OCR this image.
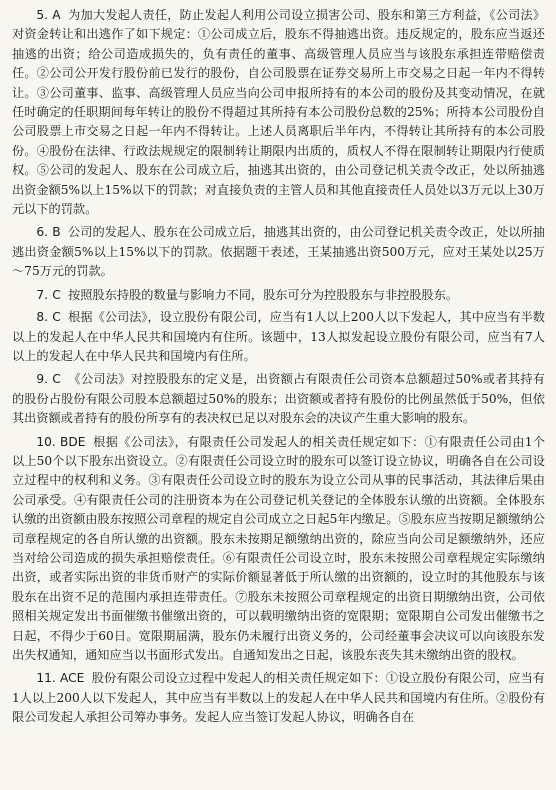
5. A 为加大发起人责任，防止发起人利用公司设立损害公司、股东和第三方利益，《公司法》对资金转让和出逃作了如下规定：①公司成立后，股东不得抽逃出资。违反规定的，股东应当返还抽逃的出资；给公司造成损失的，负有责任的董事、高级管理人员应当与该股东承担连带赔偿责任。②公司公开发行股份前已发行的股份，自公司股票在证券交易所上市交易之日起一年内不得转让。③公司董事、监事、高级管理人员应当向公司申报所持有的本公司的股份及其变动情况，在就任时确定的任职期间每年转让的股份不得超过其所持有本公司股份总数的25%；所持本公司股份自公司股票上市交易之日起一年内不得转让。上述人员离职后半年内，不得转让其所持有的本公司股份。④股份在法律、行政法规规定的限制转让期限内出质的，质权人不得在限制转让期限内行使质权。⑤公司的发起人、股东在公司成立后，抽逃其出资的，由公司登记机关责令改正，处以所抽逃出资金额5%以上15%以下的罚款；对直接负责的主管人员和其他直接责任人员处以3万元以上30万元以下的罚款。

6. B 公司的发起人、股东在公司成立后，抽逃其出资的，由公司登记机关责令改正，处以所抽逃出资金额5%以上15%以下的罚款。依据题干表述，王某抽逃出资500万元，应对王某处以25万～75万元的罚款。

7. C 按照股东持股的数量与影响力不同，股东可分为控股股东与非控股股东。

8. C 根据《公司法》，设立股份有限公司，应当有1人以上200人以下发起人，其中应当有半数以上的发起人在中华人民共和国境内有住所。该题中，13人拟发起设立股份有限公司，应当有7人以上的发起人在中华人民共和国境内有住所。

9. C 《公司法》对控股股东的定义是，出资额占有限责任公司资本总额超过50%或者其持有的股份占股份有限公司股本总额超过50%的股东；出资额或者持有股份的比例虽然低于50%，但依其出资额或者持有的股份所享有的表决权已足以对股东会的决议产生重大影响的股东。

10. BDE 根据《公司法》，有限责任公司发起人的相关责任规定如下：①有限责任公司由1个以上50个以下股东出资设立。②有限责任公司设立时的股东可以签订设立协议，明确各自在公司设立过程中的权利和义务。③有限责任公司设立时的股东为设立公司从事的民事活动，其法律后果由公司承受。④有限责任公司的注册资本为在公司登记机关登记的全体股东认缴的出资额。全体股东认缴的出资额由股东按照公司章程的规定自公司成立之日起5年内缴足。⑤股东应当按期足额缴纳公司章程规定的各自所认缴的出资额。股东未按期足额缴纳出资的，除应当向公司足额缴纳外，还应当对给公司造成的损失承担赔偿责任。⑥有限责任公司设立时，股东未按照公司章程规定实际缴纳出资，或者实际出资的非货币财产的实际价额显著低于所认缴的出资额的，设立时的其他股东与该股东在出资不足的范围内承担连带责任。⑦股东未按照公司章程规定的出资日期缴纳出资，公司依照相关规定发出书面催缴书催缴出资的，可以载明缴纳出资的宽限期；宽限期自公司发出催缴书之日起，不得少于60日。宽限期届满，股东仍未履行出资义务的，公司经董事会决议可以向该股东发出失权通知，通知应当以书面形式发出。自通知发出之日起，该股东丧失其未缴纳出资的股权。

11. ACE 股份有限公司设立过程中发起人的相关责任规定如下：①设立股份有限公司，应当有1人以上200人以下发起人，其中应当有半数以上的发起人在中华人民共和国境内有住所。②股份有限公司发起人承担公司筹办事务。发起人应当签订发起人协议，明确各自在
